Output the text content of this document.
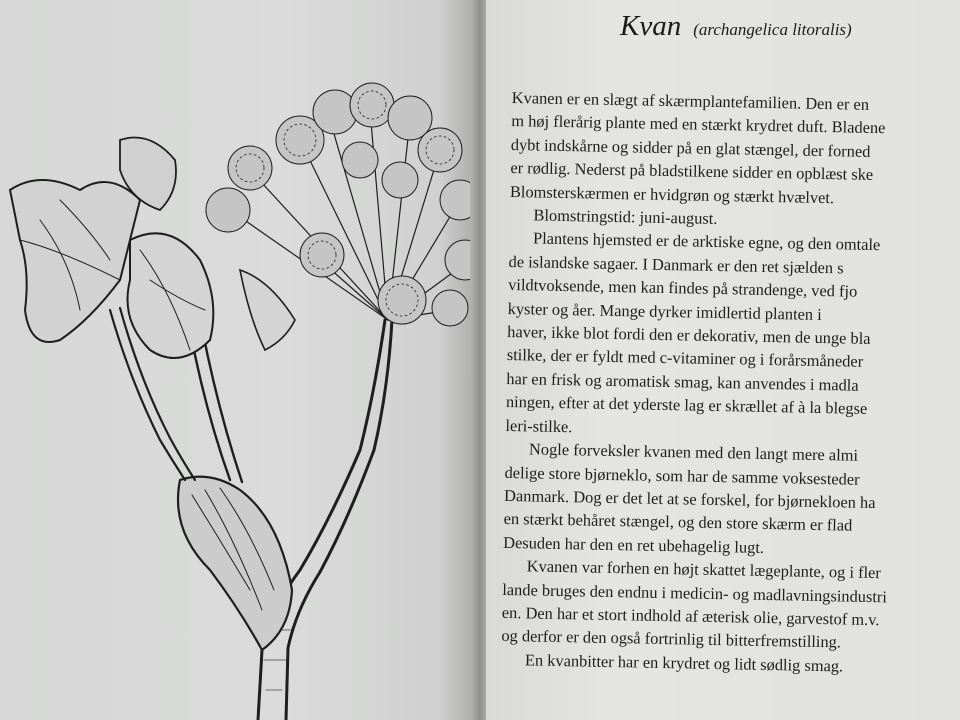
Kvan (archangelica litoralis)
Kvanen er en slægt af skærmplantefamilien. Den er en
m høj flerårig plante med en stærkt krydret duft. Bladene
dybt indskårne og sidder på en glat stængel, der forned
er rødlig. Nederst på bladstilkene sidder en opblæst ske
Blomsterskærmen er hvidgrøn og stærkt hvælvet.
Blomstringstid: juni-august.
Plantens hjemsted er de arktiske egne, og den omtale
de islandske sagaer. I Danmark er den ret sjælden s
vildtvoksende, men kan findes på strandenge, ved fjo
kyster og åer. Mange dyrker imidlertid planten i
haver, ikke blot fordi den er dekorativ, men de unge bla
stilke, der er fyldt med c-vitaminer og i forårsmåneder
har en frisk og aromatisk smag, kan anvendes i madla
ningen, efter at det yderste lag er skrællet af à la blegse
leri-stilke.
Nogle forveksler kvanen med den langt mere almi
delige store bjørneklo, som har de samme voksesteder
Danmark. Dog er det let at se forskel, for bjørnekloen ha
en stærkt behåret stængel, og den store skærm er flad
Desuden har den en ret ubehagelig lugt.
Kvanen var forhen en højt skattet lægeplante, og i fler
lande bruges den endnu i medicin- og madlavningsindustri
en. Den har et stort indhold af æterisk olie, garvestof m.v.
og derfor er den også fortrinlig til bitterfremstilling.
En kvanbitter har en krydret og lidt sødlig smag.
